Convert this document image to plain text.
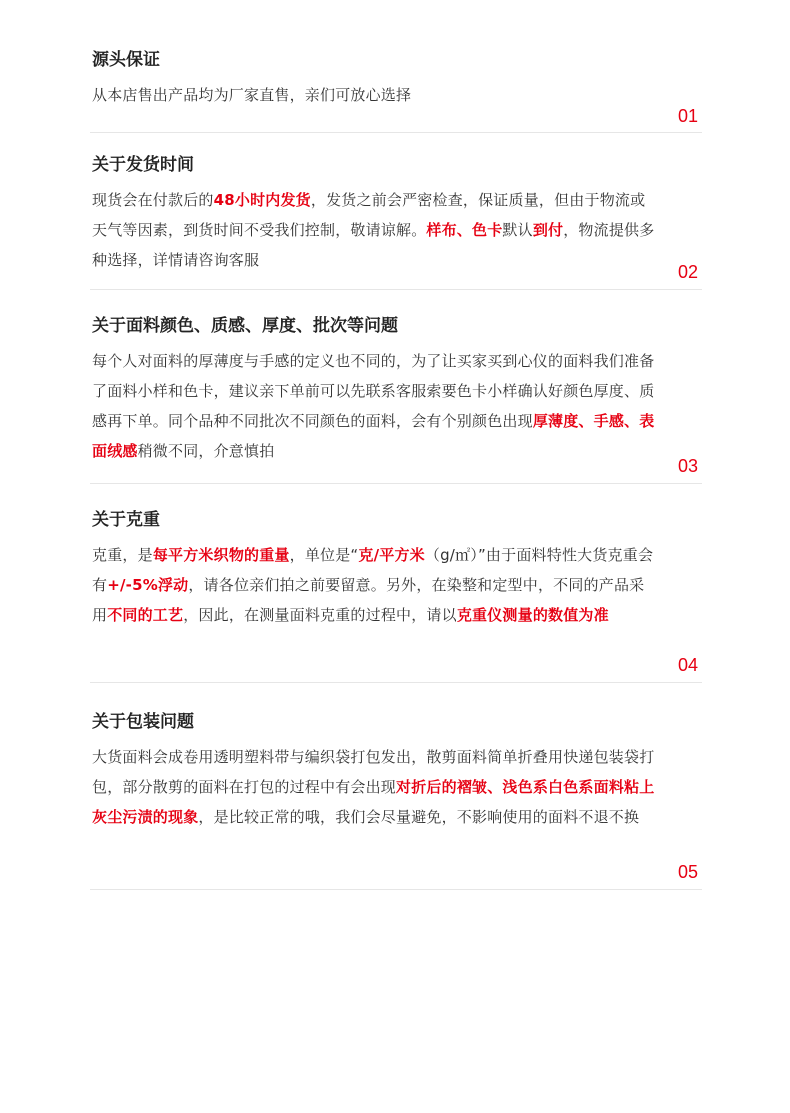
源头保证
从本店售出产品均为厂家直售，亲们可放心选择
01
关于发货时间
现货会在付款后的48小时内发货，发货之前会严密检查，保证质量，但由于物流或天气等因素，到货时间不受我们控制，敬请谅解。样布、色卡默认到付，物流提供多种选择，详情请咨询客服
02
关于面料颜色、质感、厚度、批次等问题
每个人对面料的厚薄度与手感的定义也不同的，为了让买家买到心仪的面料我们准备了面料小样和色卡，建议亲下单前可以先联系客服索要色卡小样确认好颜色厚度、质感再下单。同个品种不同批次不同颜色的面料，会有个别颜色出现厚薄度、手感、表面绒感稍微不同，介意慎拍
03
关于克重
克重，是每平方米织物的重量，单位是“克/平方米（g/㎡）”由于面料特性大货克重会有+/-5%浮动，请各位亲们拍之前要留意。另外，在染整和定型中，不同的产品采用不同的工艺，因此，在测量面料克重的过程中，请以克重仪测量的数值为准
04
关于包装问题
大货面料会成卷用透明塑料带与编织袋打包发出，散剪面料简单折叠用快递包装袋打包，部分散剪的面料在打包的过程中有会出现对折后的褶皱、浅色系白色系面料粘上灰尘污渍的现象，是比较正常的哦，我们会尽量避免，不影响使用的面料不退不换
05
